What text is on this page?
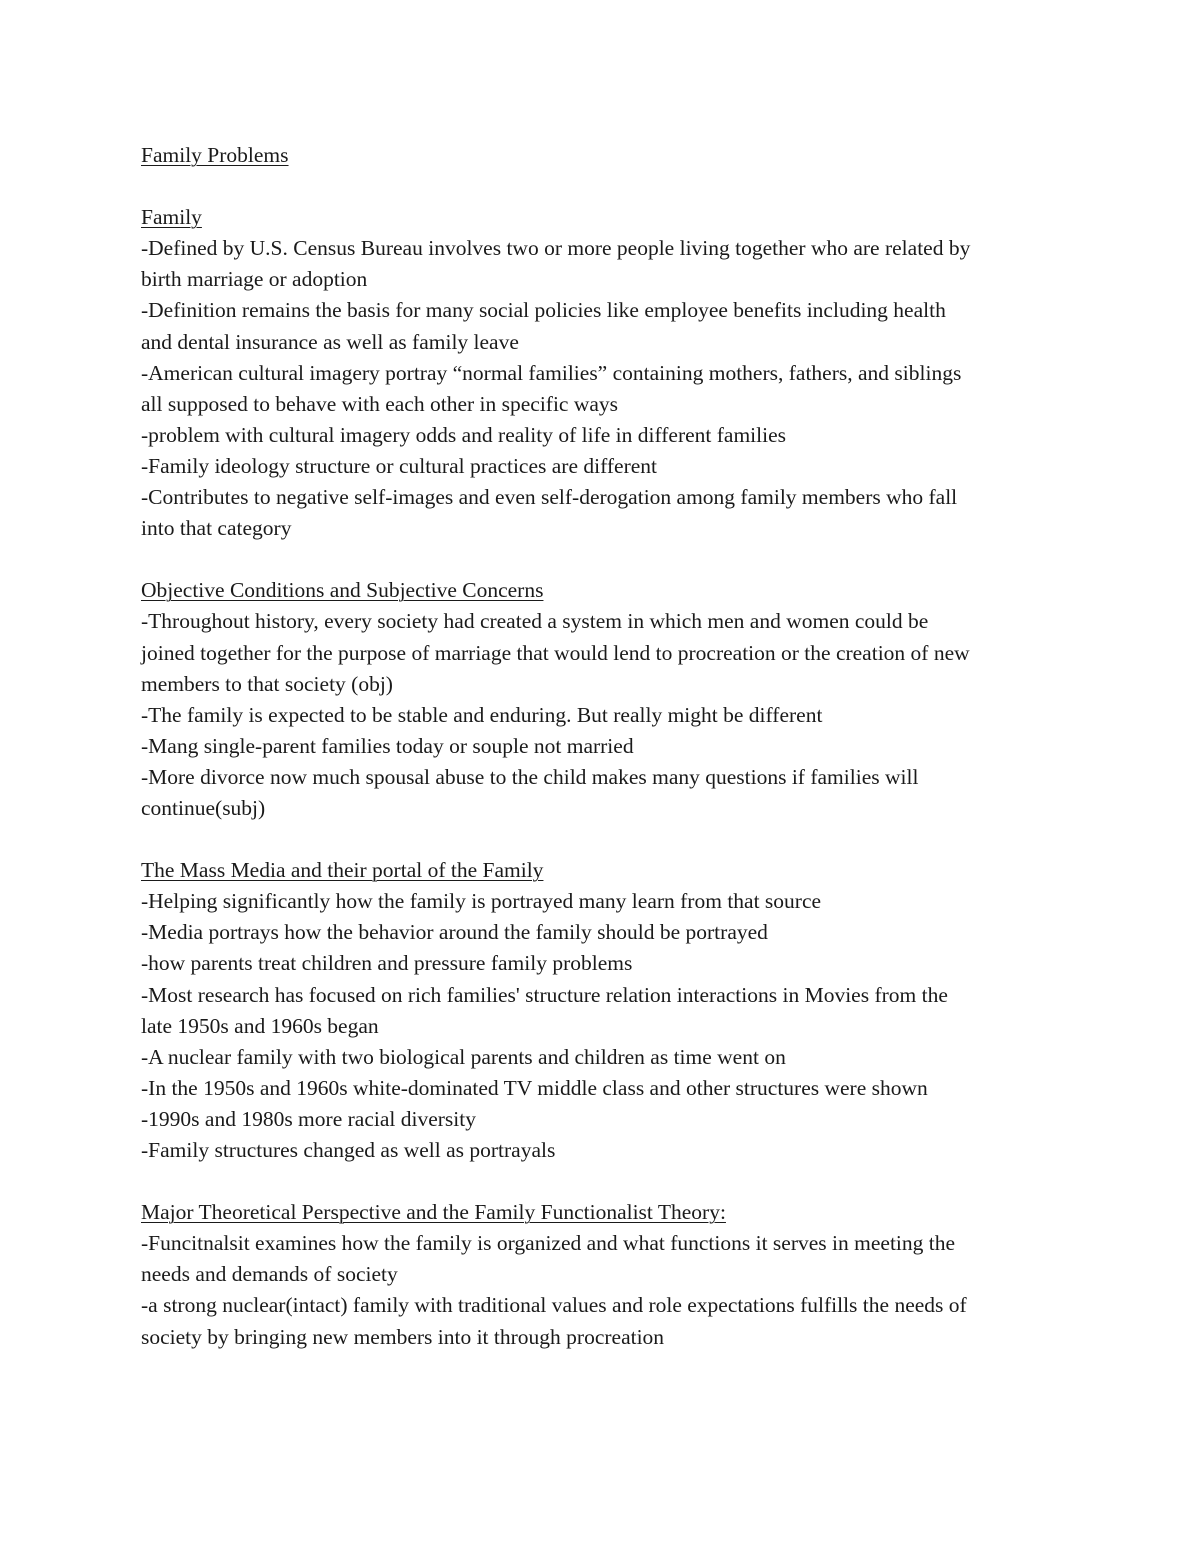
Family Problems

Family

-Defined by U.S. Census Bureau involves two or more people living together who are related by

birth marriage or adoption

-Definition remains the basis for many social policies like employee benefits including health

and dental insurance as well as family leave

-American cultural imagery portray “normal families” containing mothers, fathers, and siblings

all supposed to behave with each other in specific ways

-problem with cultural imagery odds and reality of life in different families

-Family ideology structure or cultural practices are different

-Contributes to negative self-images and even self-derogation among family members who fall

into that category

Objective Conditions and Subjective Concerns

-Throughout history, every society had created a system in which men and women could be

joined together for the purpose of marriage that would lend to procreation or the creation of new

members to that society (obj)

-The family is expected to be stable and enduring. But really might be different

-Mang single-parent families today or souple not married

-More divorce now much spousal abuse to the child makes many questions if families will

continue(subj)

The Mass Media and their portal of the Family

-Helping significantly how the family is portrayed many learn from that source

-Media portrays how the behavior around the family should be portrayed

-how parents treat children and pressure family problems

-Most research has focused on rich families' structure relation interactions in Movies from the

late 1950s and 1960s began

-A nuclear family with two biological parents and children as time went on

-In the 1950s and 1960s white-dominated TV middle class and other structures were shown

-1990s and 1980s more racial diversity

-Family structures changed as well as portrayals

Major Theoretical Perspective and the Family Functionalist Theory:

-Funcitnalsit examines how the family is organized and what functions it serves in meeting the

needs and demands of society

-a strong nuclear(intact) family with traditional values and role expectations fulfills the needs of

society by bringing new members into it through procreation
